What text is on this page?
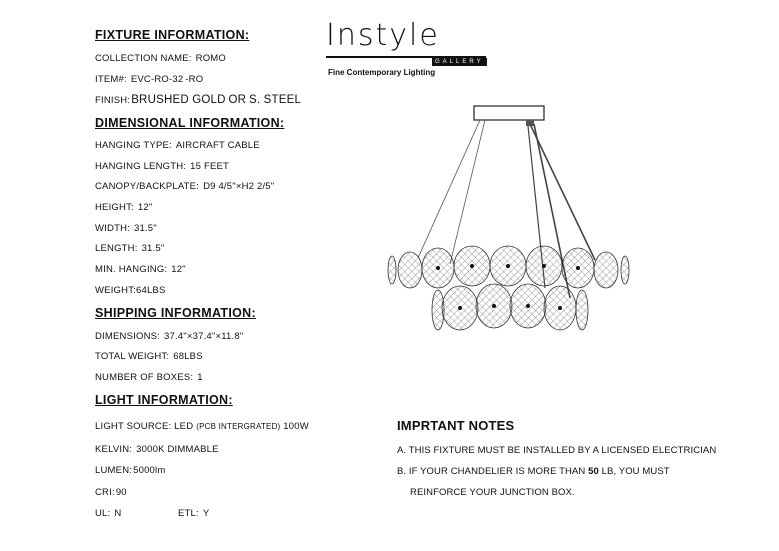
FIXTURE INFORMATION:
COLLECTION NAME: ROMO
ITEM#: EVC-RO-32 -RO
FINISH:BRUSHED GOLD OR S. STEEL
DIMENSIONAL INFORMATION:
HANGING TYPE: AIRCRAFT CABLE
HANGING LENGTH: 15 FEET
CANOPY/BACKPLATE: D9 4/5"×H2 2/5"
HEIGHT: 12"
WIDTH: 31.5"
LENGTH: 31.5"
MIN. HANGING: 12"
WEIGHT:64LBS
SHIPPING INFORMATION:
DIMENSIONS: 37.4"×37.4"×11.8"
TOTAL WEIGHT: 68LBS
NUMBER OF BOXES: 1
LIGHT INFORMATION:
LIGHT SOURCE: LED (PCB INTERGRATED) 100W
KELVIN: 3000K DIMMABLE
LUMEN:5000lm
CRI:90
UL: N	ETL: Y
Instyle
GALLERY
Fine Contemporary Lighting
IMPRTANT NOTES
A. THIS FIXTURE MUST BE INSTALLED BY A LICENSED ELECTRICIAN
B. IF YOUR CHANDELIER IS MORE THAN 50 LB, YOU MUST
REINFORCE YOUR JUNCTION BOX.
